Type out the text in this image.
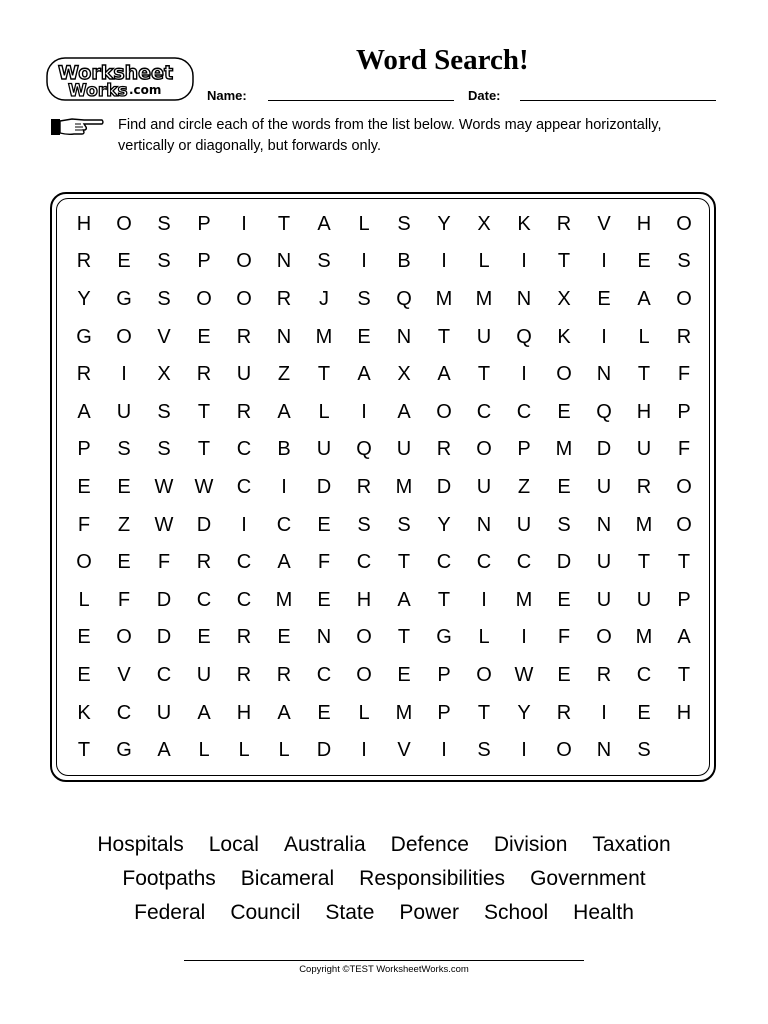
Worksheet
Works .com
Word Search!
Name:	Date:

Find and circle each of the words from the list below. Words may appear horizontally, vertically or diagonally, but forwards only.

H	O	S	P	I	T	A	L	S	Y	X	K	R	V	H	O
R	E	S	P	O	N	S	I	B	I	L	I	T	I	E	S
Y	G	S	O	O	R	J	S	Q	M	M	N	X	E	A	O
G	O	V	E	R	N	M	E	N	T	U	Q	K	I	L	R
R	I	X	R	U	Z	T	A	X	A	T	I	O	N	T	F
A	U	S	T	R	A	L	I	A	O	C	C	E	Q	H	P
P	S	S	T	C	B	U	Q	U	R	O	P	M	D	U	F
E	E	W	W	C	I	D	R	M	D	U	Z	E	U	R	O
F	Z	W	D	I	C	E	S	S	Y	N	U	S	N	M	O
O	E	F	R	C	A	F	C	T	C	C	C	D	U	T	T
L	F	D	C	C	M	E	H	A	T	I	M	E	U	U	P
E	O	D	E	R	E	N	O	T	G	L	I	F	O	M	A
E	V	C	U	R	R	C	O	E	P	O	W	E	R	C	T
K	C	U	A	H	A	E	L	M	P	T	Y	R	I	E	H
T	G	A	L	L	L	D	I	V	I	S	I	O	N	S
Hospitals Local Australia Defence Division Taxation
Footpaths Bicameral Responsibilities Government
Federal Council State Power School Health
Copyright ©TEST WorksheetWorks.com
